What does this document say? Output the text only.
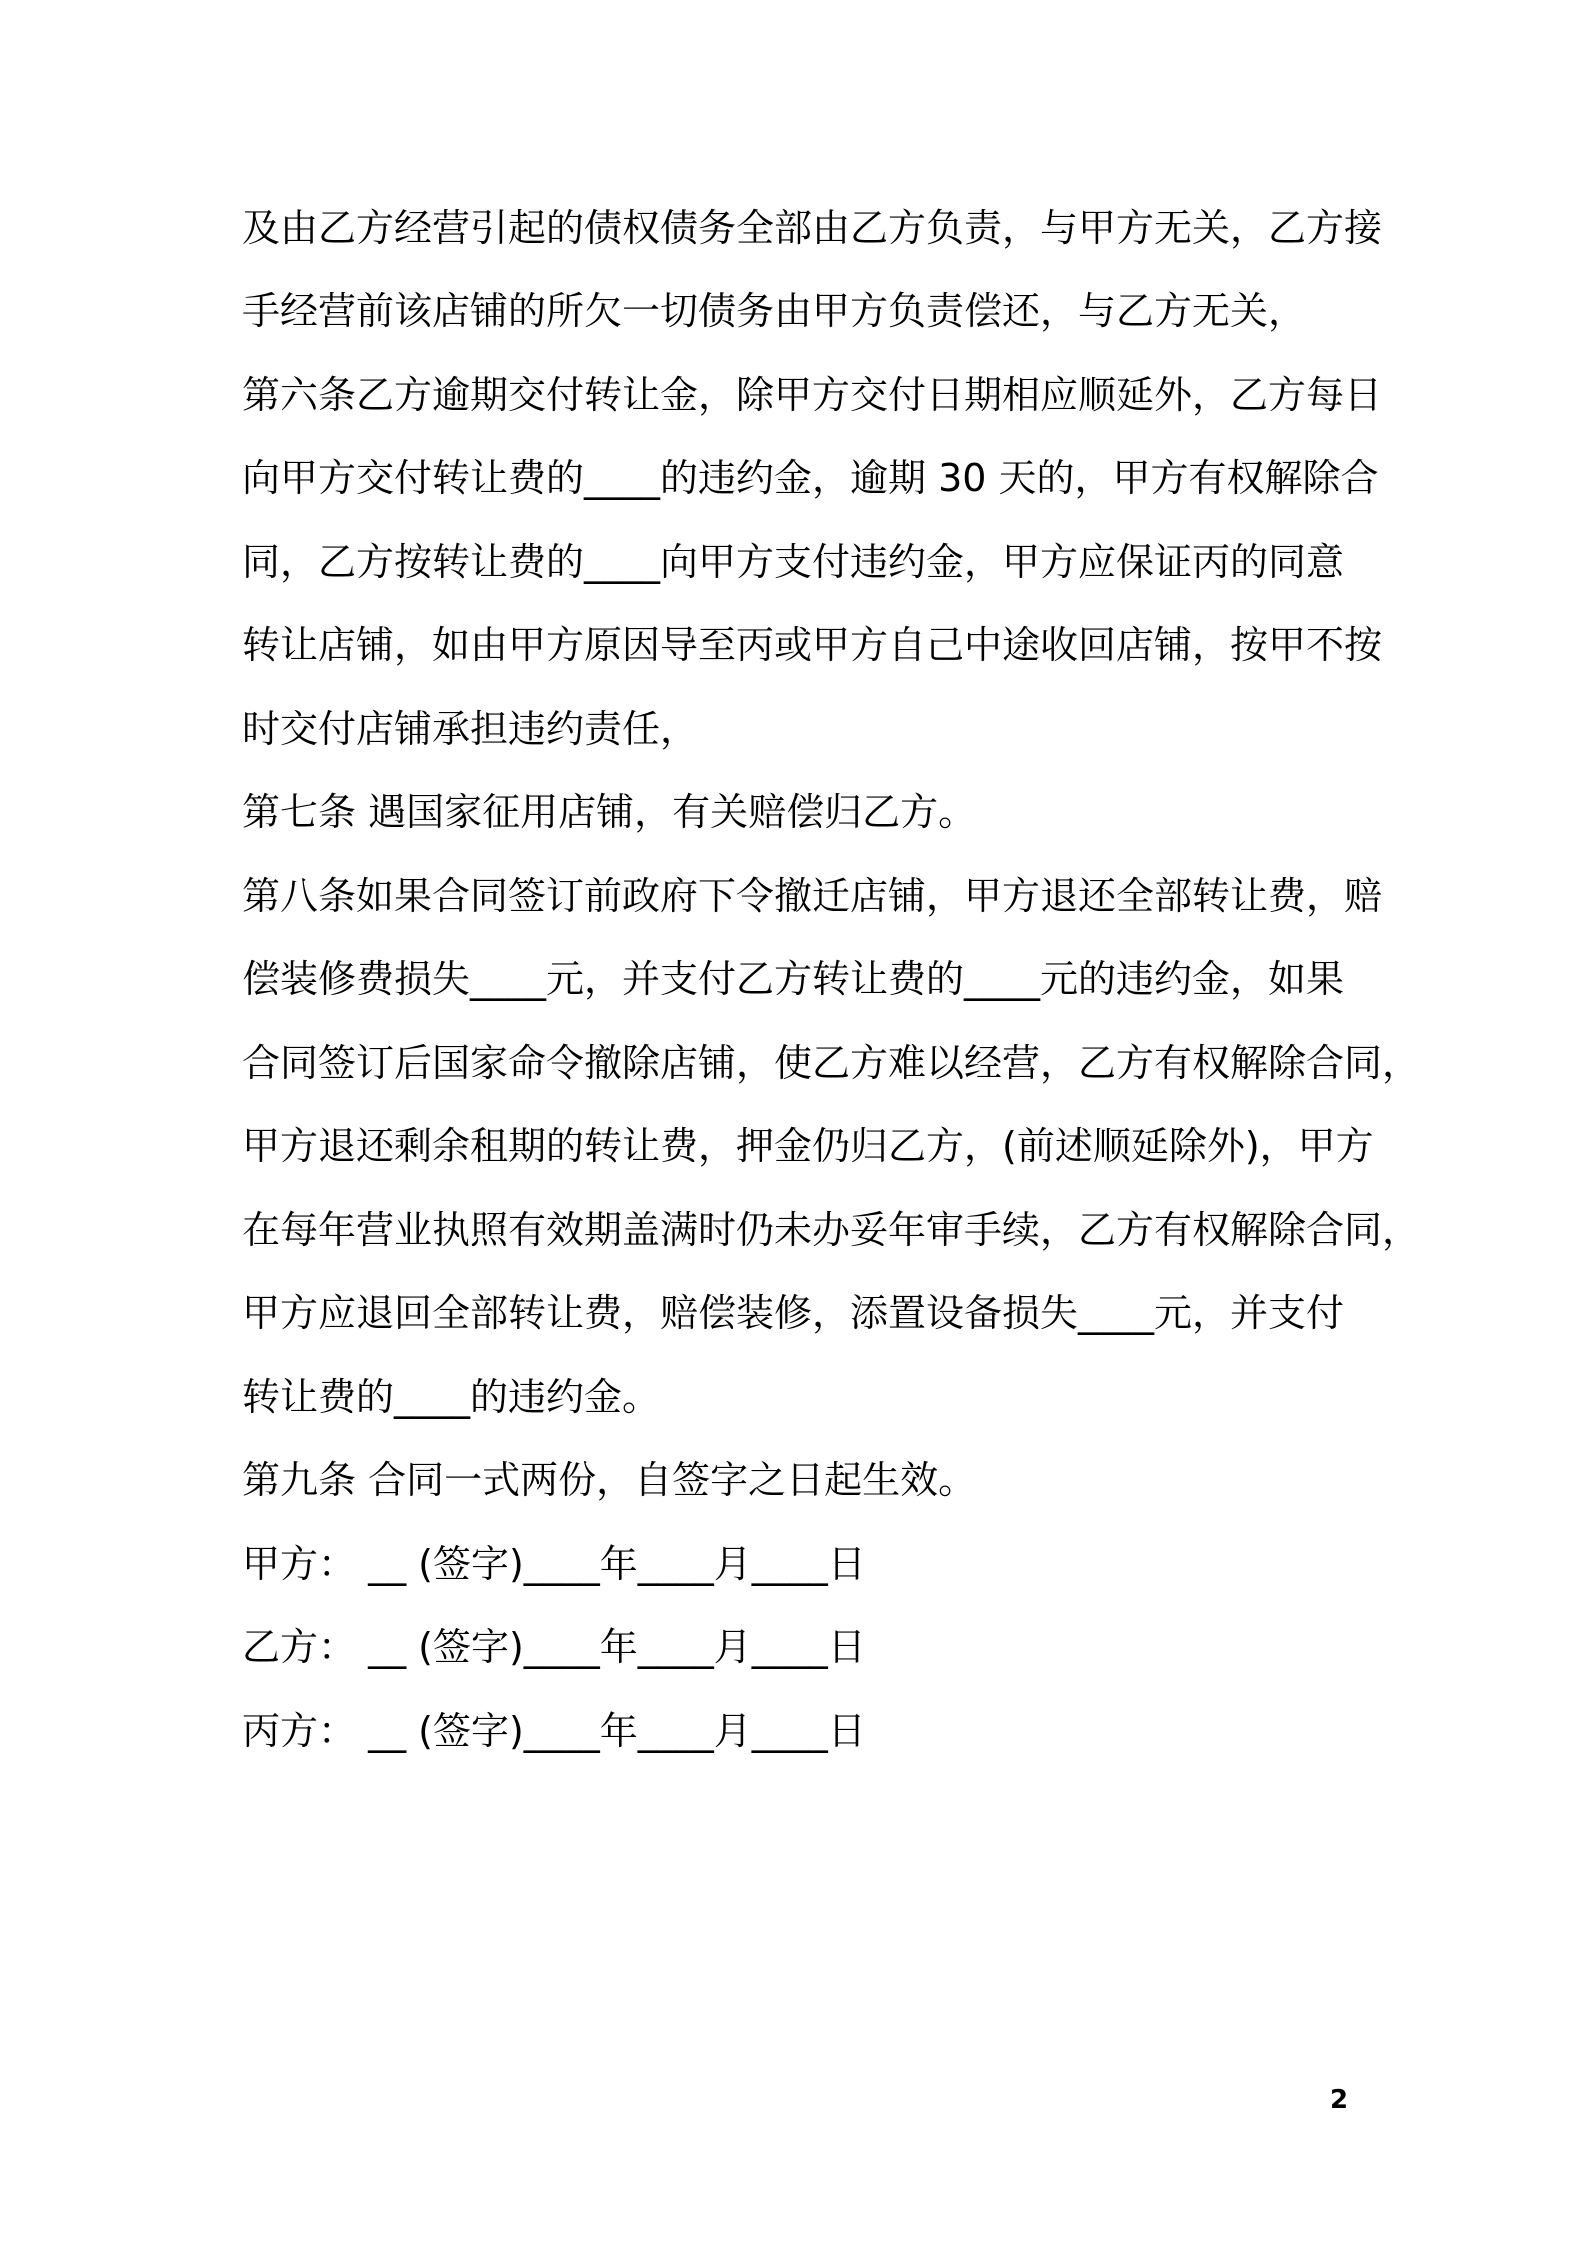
及由乙方经营引起的债权债务全部由乙方负责，与甲方无关，乙方接
手经营前该店铺的所欠一切债务由甲方负责偿还，与乙方无关，
第六条乙方逾期交付转让金，除甲方交付日期相应顺延外，乙方每日
向甲方交付转让费的____的违约金，逾期 30 天的，甲方有权解除合
同，乙方按转让费的____向甲方支付违约金，甲方应保证丙的同意
转让店铺，如由甲方原因导至丙或甲方自己中途收回店铺，按甲不按
时交付店铺承担违约责任，
第七条 遇国家征用店铺，有关赔偿归乙方。
第八条如果合同签订前政府下令撤迁店铺，甲方退还全部转让费，赔
偿装修费损失____元，并支付乙方转让费的____元的违约金，如果
合同签订后国家命令撤除店铺，使乙方难以经营，乙方有权解除合同，
甲方退还剩余租期的转让费，押金仍归乙方，(前述顺延除外)，甲方
在每年营业执照有效期盖满时仍未办妥年审手续，乙方有权解除合同，
甲方应退回全部转让费，赔偿装修，添置设备损失____元，并支付
转让费的____的违约金。
第九条 合同一式两份，自签字之日起生效。
甲方： __ (签字)____年____月____日
乙方： __ (签字)____年____月____日
丙方： __ (签字)____年____月____日
2
